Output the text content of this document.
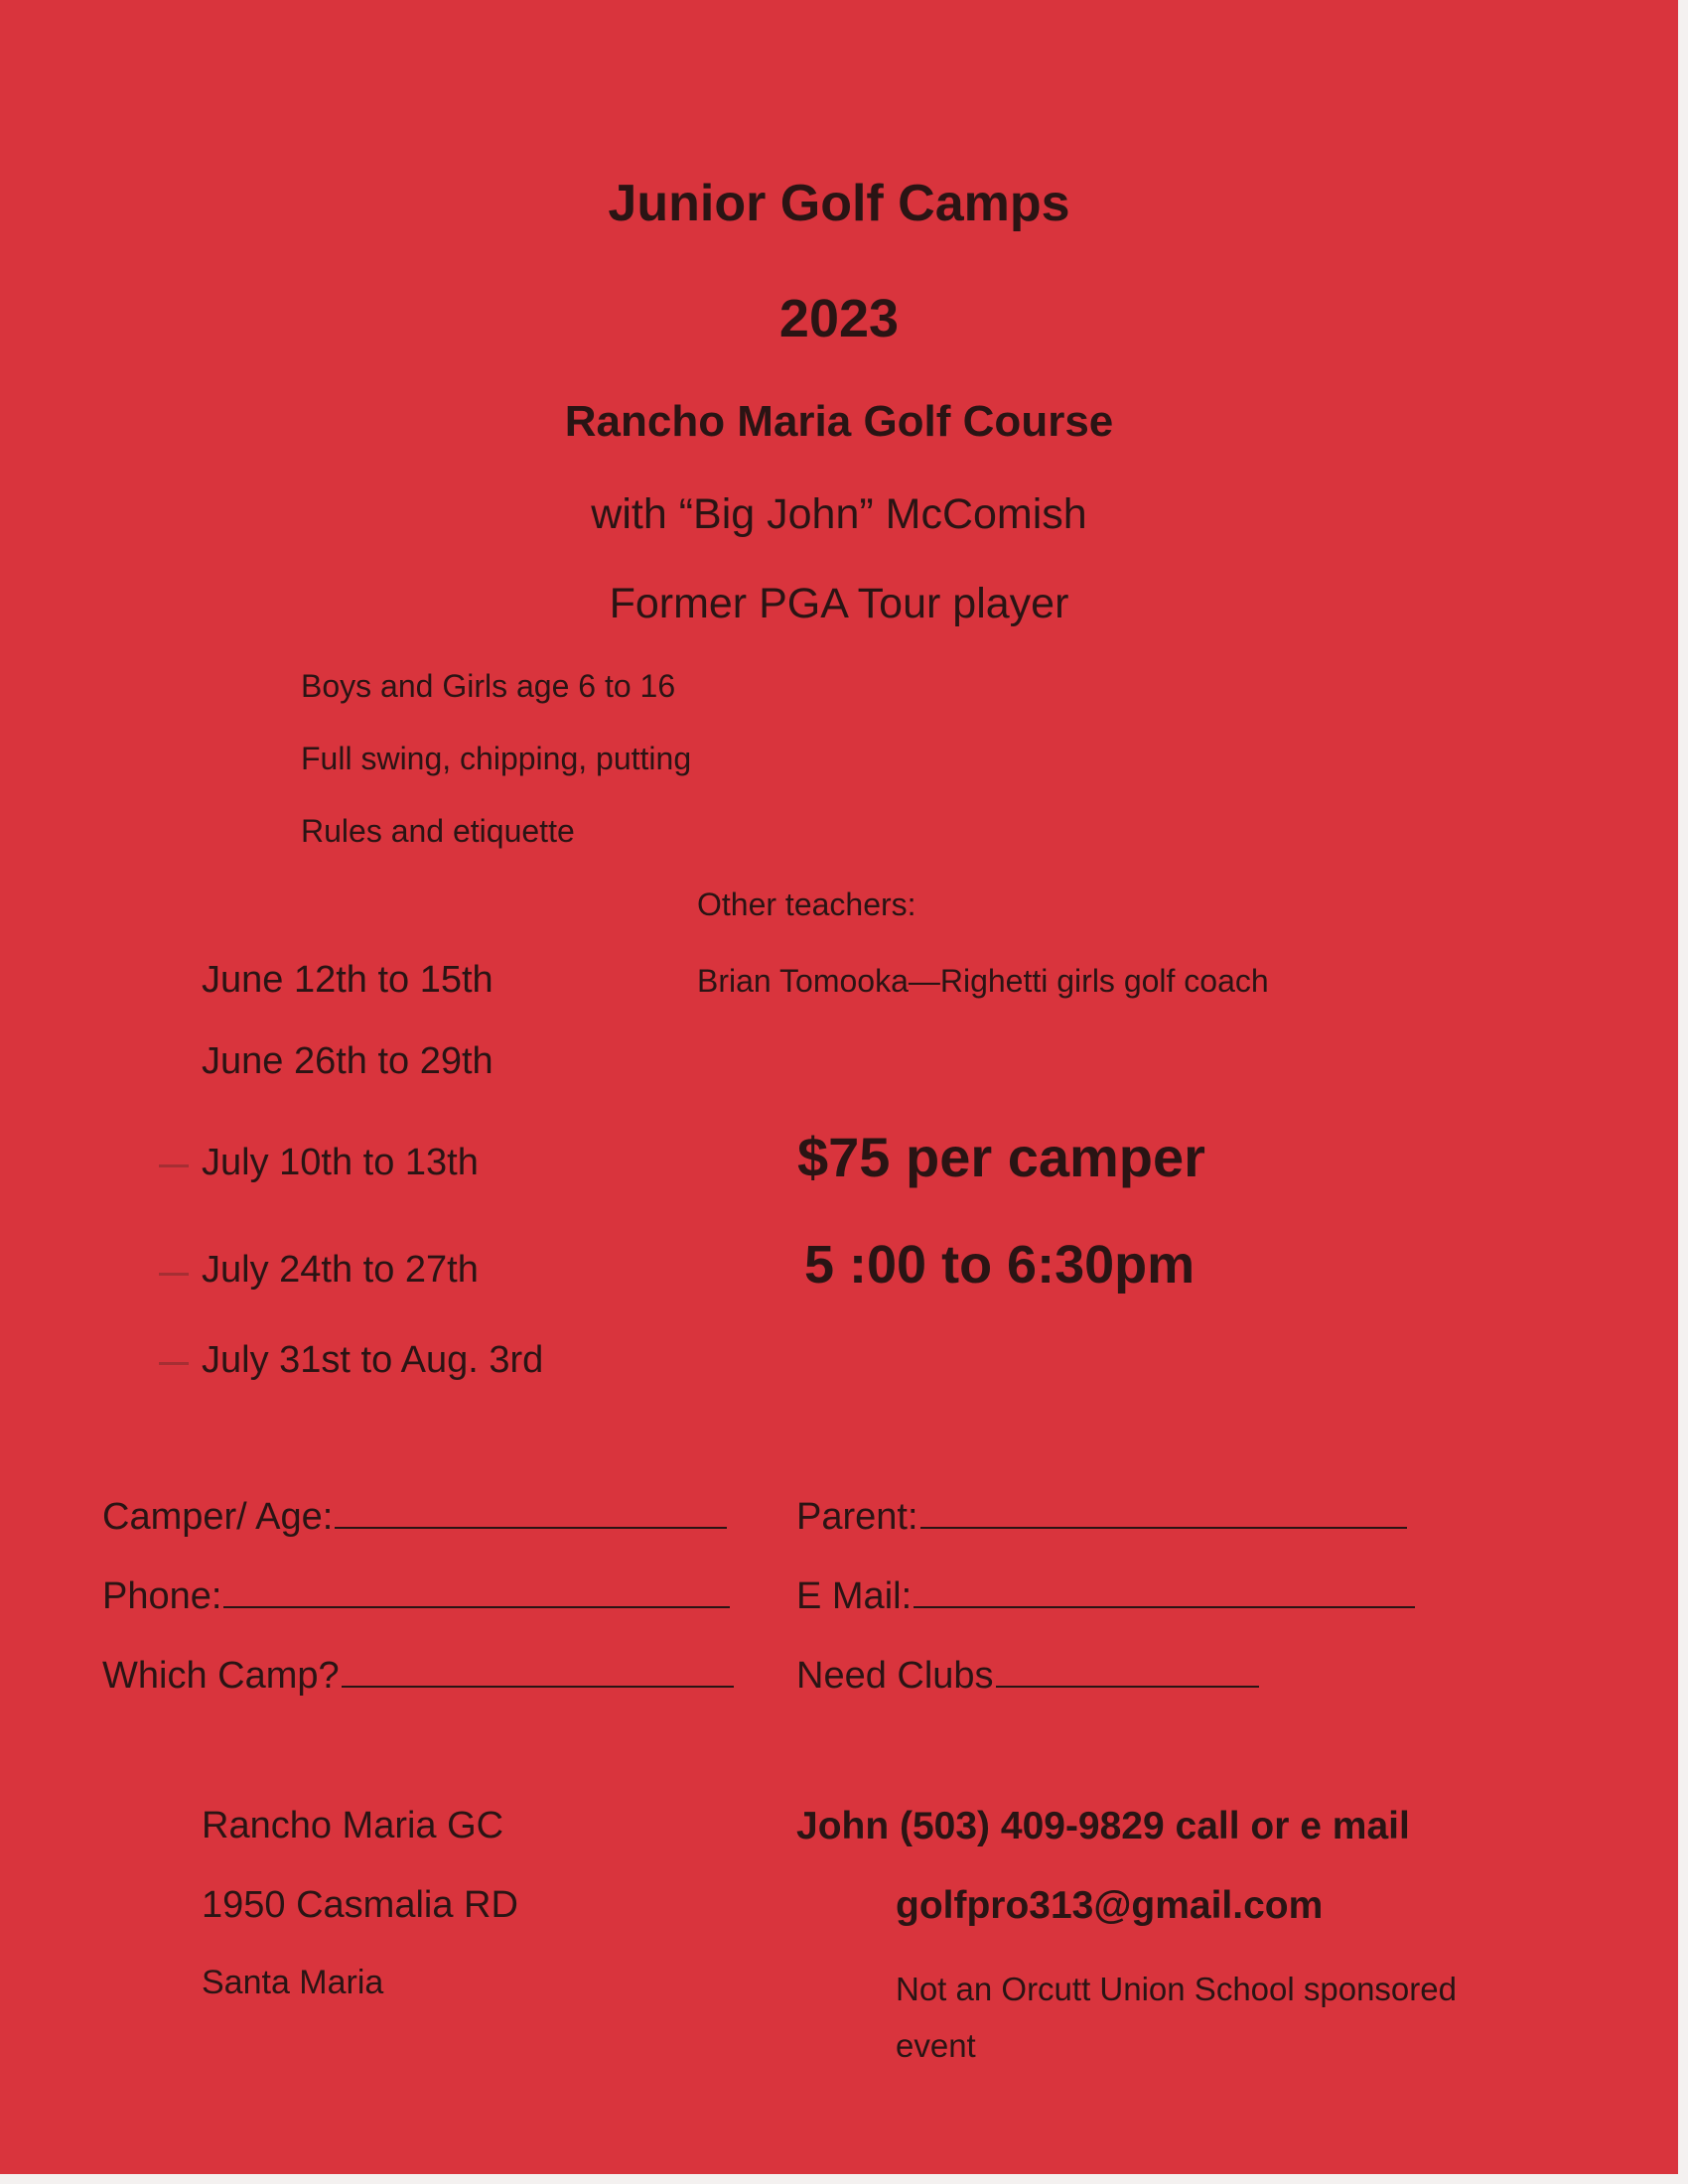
Junior Golf Camps
2023
Rancho Maria Golf Course
with “Big John” McComish
Former PGA Tour player
Boys and Girls age 6 to 16
Full swing, chipping, putting
Rules and etiquette
Other teachers:
Brian Tomooka—Righetti girls golf coach
June 12th to 15th
June 26th to 29th
July 10th to 13th
July 24th to 27th
July 31st to Aug. 3rd
$75 per camper
5 :00 to 6:30pm
Camper/ Age:
Phone:
Which Camp?
Parent:
E Mail:
Need Clubs
Rancho Maria GC
1950 Casmalia RD
Santa Maria
John (503) 409-9829 call or e mail
golfpro313@gmail.com
Not an Orcutt Union School sponsored event
